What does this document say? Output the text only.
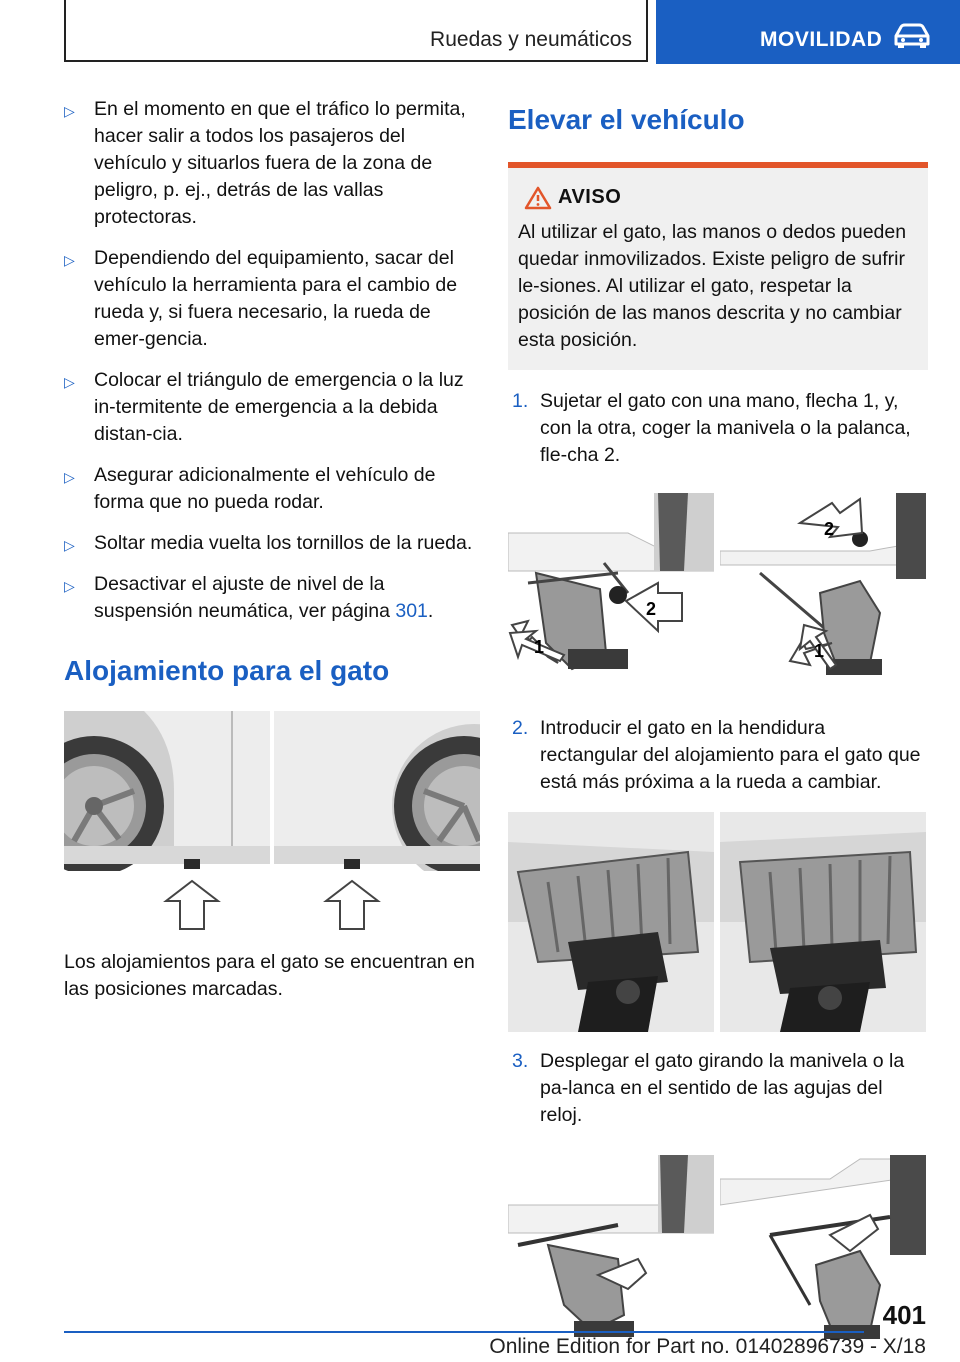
Ruedas y neumáticos	MOVILIDAD
▷ En el momento en que el tráfico lo permita, hacer salir a todos los pasajeros del vehículo y situarlos fuera de la zona de peligro, p. ej., detrás de las vallas protectoras.
▷ Dependiendo del equipamiento, sacar del vehículo la herramienta para el cambio de rueda y, si fuera necesario, la rueda de emer-gencia.
▷ Colocar el triángulo de emergencia o la luz in-termitente de emergencia a la debida distan-cia.
▷ Asegurar adicionalmente el vehículo de forma que no pueda rodar.
▷ Soltar media vuelta los tornillos de la rueda.
▷ Desactivar el ajuste de nivel de la suspensión neumática, ver página 301.
Alojamiento para el gato

Los alojamientos para el gato se encuentran en las posiciones marcadas.

Elevar el vehículo
AVISO
Al utilizar el gato, las manos o dedos pueden quedar inmovilizados. Existe peligro de sufrir le-siones. Al utilizar el gato, respetar la posición de las manos descrita y no cambiar esta posición.
1. Sujetar el gato con una mano, flecha 1, y, con la otra, coger la manivela o la palanca, fle-cha 2.
2
1
2
1
2. Introducir el gato en la hendidura rectangular del alojamiento para el gato que está más próxima a la rueda a cambiar.
3. Desplegar el gato girando la manivela o la pa-lanca en el sentido de las agujas del reloj.
401
Online Edition for Part no. 01402896739 - X/18
